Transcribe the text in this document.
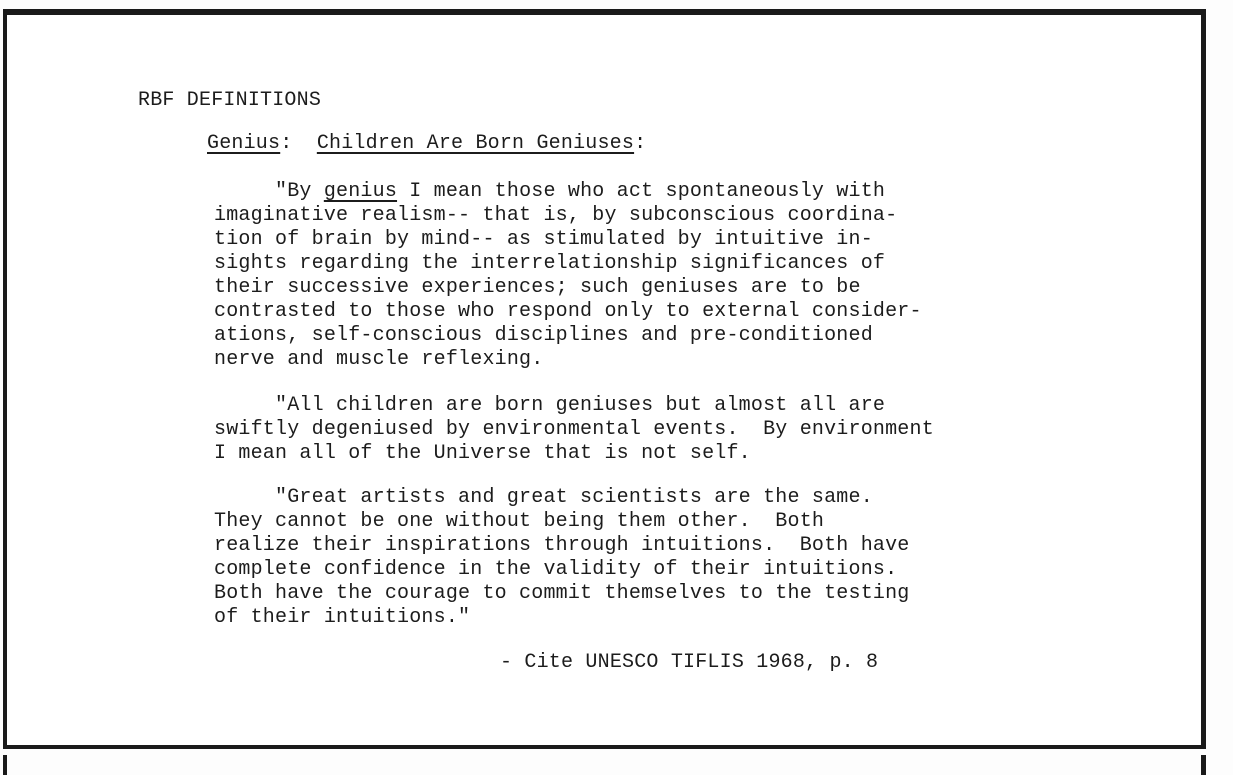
RBF DEFINITIONS
Genius:  Children Are Born Geniuses:

"By genius I mean those who act spontaneously with
imaginative realism-- that is, by subconscious coordina-
tion of brain by mind-- as stimulated by intuitive in-
sights regarding the interrelationship significances of
their successive experiences; such geniuses are to be
contrasted to those who respond only to external consider-
ations, self-conscious disciplines and pre-conditioned
nerve and muscle reflexing.

"All children are born geniuses but almost all are
swiftly degeniused by environmental events.  By environment
I mean all of the Universe that is not self.

"Great artists and great scientists are the same.
They cannot be one without being them other.  Both
realize their inspirations through intuitions.  Both have
complete confidence in the validity of their intuitions.
Both have the courage to commit themselves to the testing
of their intuitions."

- Cite UNESCO TIFLIS 1968, p. 8
